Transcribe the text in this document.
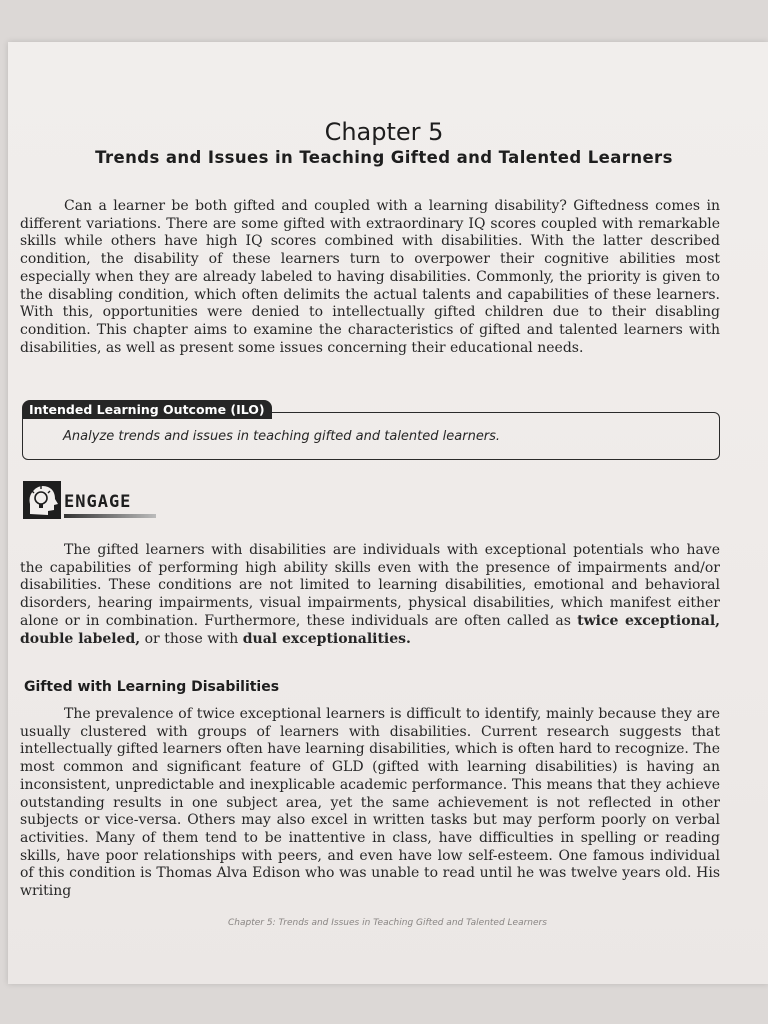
Chapter 5
Trends and Issues in Teaching Gifted and Talented Learners

Can a learner be both gifted and coupled with a learning disability? Giftedness comes in different variations. There are some gifted with extraordinary IQ scores coupled with remarkable skills while others have high IQ scores combined with disabilities. With the latter described condition, the disability of these learners turn to overpower their cognitive abilities most especially when they are already labeled to having disabilities. Commonly, the priority is given to the disabling condition, which often delimits the actual talents and capabilities of these learners. With this, opportunities were denied to intellectually gifted children due to their disabling condition. This chapter aims to examine the characteristics of gifted and talented learners with disabilities, as well as present some issues concerning their educational needs.

Analyze trends and issues in teaching gifted and talented learners.
Intended Learning Outcome (ILO)
ENGAGE

The gifted learners with disabilities are individuals with exceptional potentials who have the capabilities of performing high ability skills even with the presence of impairments and/or disabilities. These conditions are not limited to learning disabilities, emotional and behavioral disorders, hearing impairments, visual impairments, physical disabilities, which manifest either alone or in combination. Furthermore, these individuals are often called as twice exceptional, double labeled, or those with dual exceptionalities.

Gifted with Learning Disabilities

The prevalence of twice exceptional learners is difficult to identify, mainly because they are usually clustered with groups of learners with disabilities. Current research suggests that intellectually gifted learners often have learning disabilities, which is often hard to recognize. The most common and significant feature of GLD (gifted with learning disabilities) is having an inconsistent, unpredictable and inexplicable academic performance. This means that they achieve outstanding results in one subject area, yet the same achievement is not reflected in other subjects or vice-versa. Others may also excel in written tasks but may perform poorly on verbal activities. Many of them tend to be inattentive in class, have difficulties in spelling or reading skills, have poor relationships with peers, and even have low self-esteem. One famous individual of this condition is Thomas Alva Edison who was unable to read until he was twelve years old. His writing

Chapter 5: Trends and Issues in Teaching Gifted and Talented Learners
